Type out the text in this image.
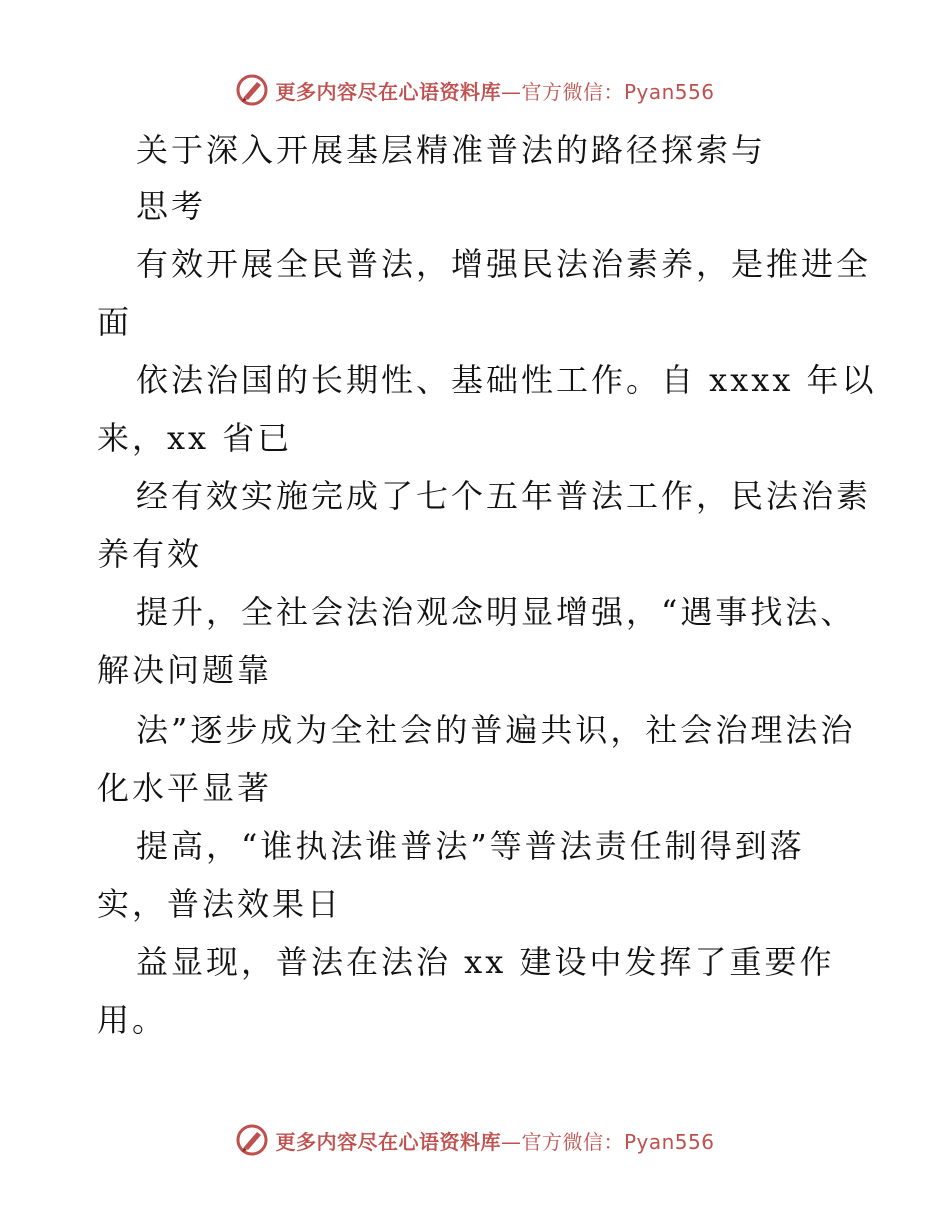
更多内容尽在心语资料库—官方微信：Pyan556
关于深入开展基层精准普法的路径探索与
思考
有效开展全民普法，增强民法治素养，是推进全
面
依法治国的长期性、基础性工作。自 xxxx 年以
来，xx 省已
经有效实施完成了七个五年普法工作，民法治素
养有效
提升，全社会法治观念明显增强，“遇事找法、
解决问题靠
法”逐步成为全社会的普遍共识，社会治理法治
化水平显著
提高，“谁执法谁普法”等普法责任制得到落
实，普法效果日
益显现，普法在法治 xx 建设中发挥了重要作
用。
更多内容尽在心语资料库—官方微信：Pyan556
